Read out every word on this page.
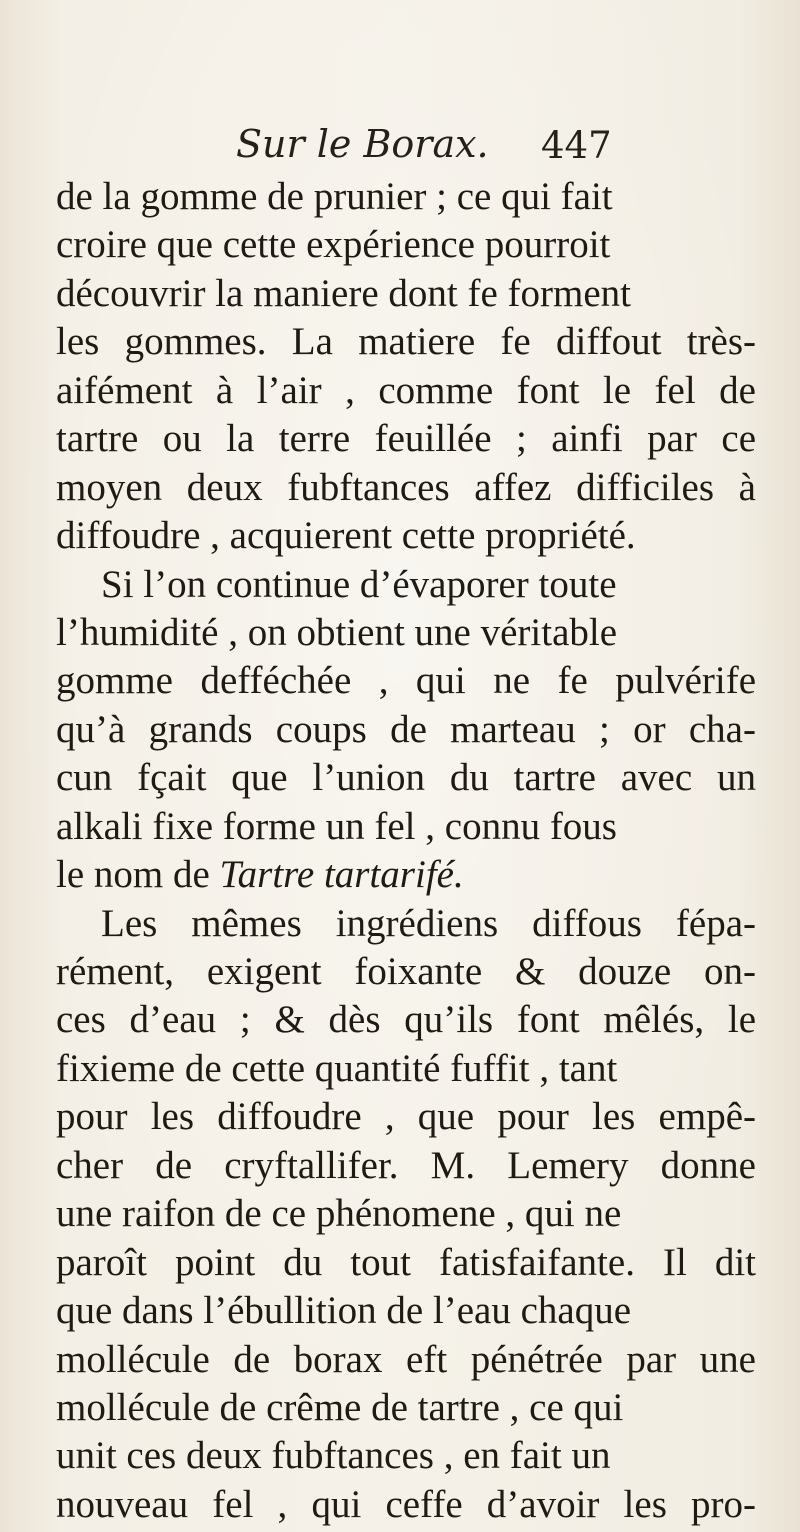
Sur le Borax. 447
de la gomme de prunier ; ce qui fait
croire que cette expérience pourroit
découvrir la maniere dont fe forment
les gommes. La matiere fe diffout très-
aifément à l’air , comme font le fel de
tartre ou la terre feuillée ; ainfi par ce
moyen deux fubftances affez difficiles à
diffoudre , acquierent cette propriété.
Si l’on continue d’évaporer toute
l’humidité , on obtient une véritable
gomme defféchée , qui ne fe pulvérife
qu’à grands coups de marteau ; or cha-
cun fçait que l’union du tartre avec un
alkali fixe forme un fel , connu fous
le nom de Tartre tartarifé.
Les mêmes ingrédiens diffous fépa-
rément, exigent foixante & douze on-
ces d’eau ; & dès qu’ils font mêlés, le
fixieme de cette quantité fuffit , tant
pour les diffoudre , que pour les empê-
cher de cryftallifer. M. Lemery donne
une raifon de ce phénomene , qui ne
paroît point du tout fatisfaifante. Il dit
que dans l’ébullition de l’eau chaque
mollécule de borax eft pénétrée par une
mollécule de crême de tartre , ce qui
unit ces deux fubftances , en fait un
nouveau fel , qui ceffe d’avoir les pro-
